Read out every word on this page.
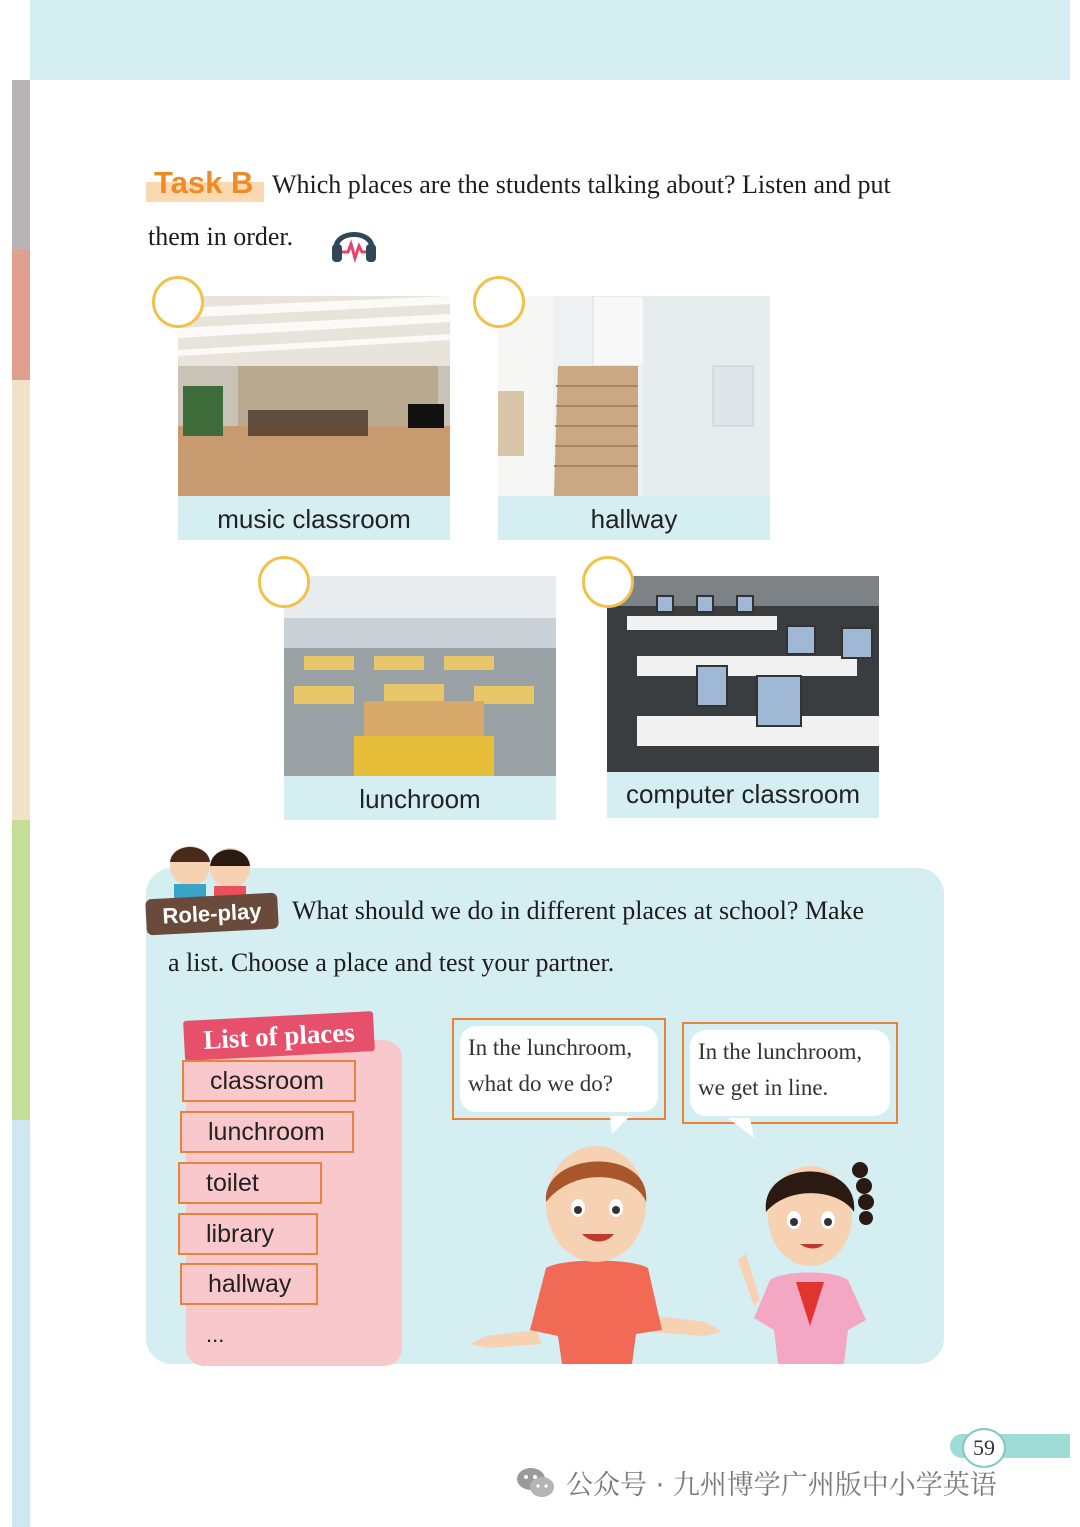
Task B Which places are the students talking about? Listen and put
them in order.
music classroom	hallway
lunchroom	computer classroom
Role-play	What should we do in different places at school? Make
a list. Choose a place and test your partner.
List of places
classroom
lunchroom
toilet
library
hallway
...
In the lunchroom,
what do we do?
In the lunchroom,
we get in line.
59
公众号 · 九州博学广州版中小学英语
